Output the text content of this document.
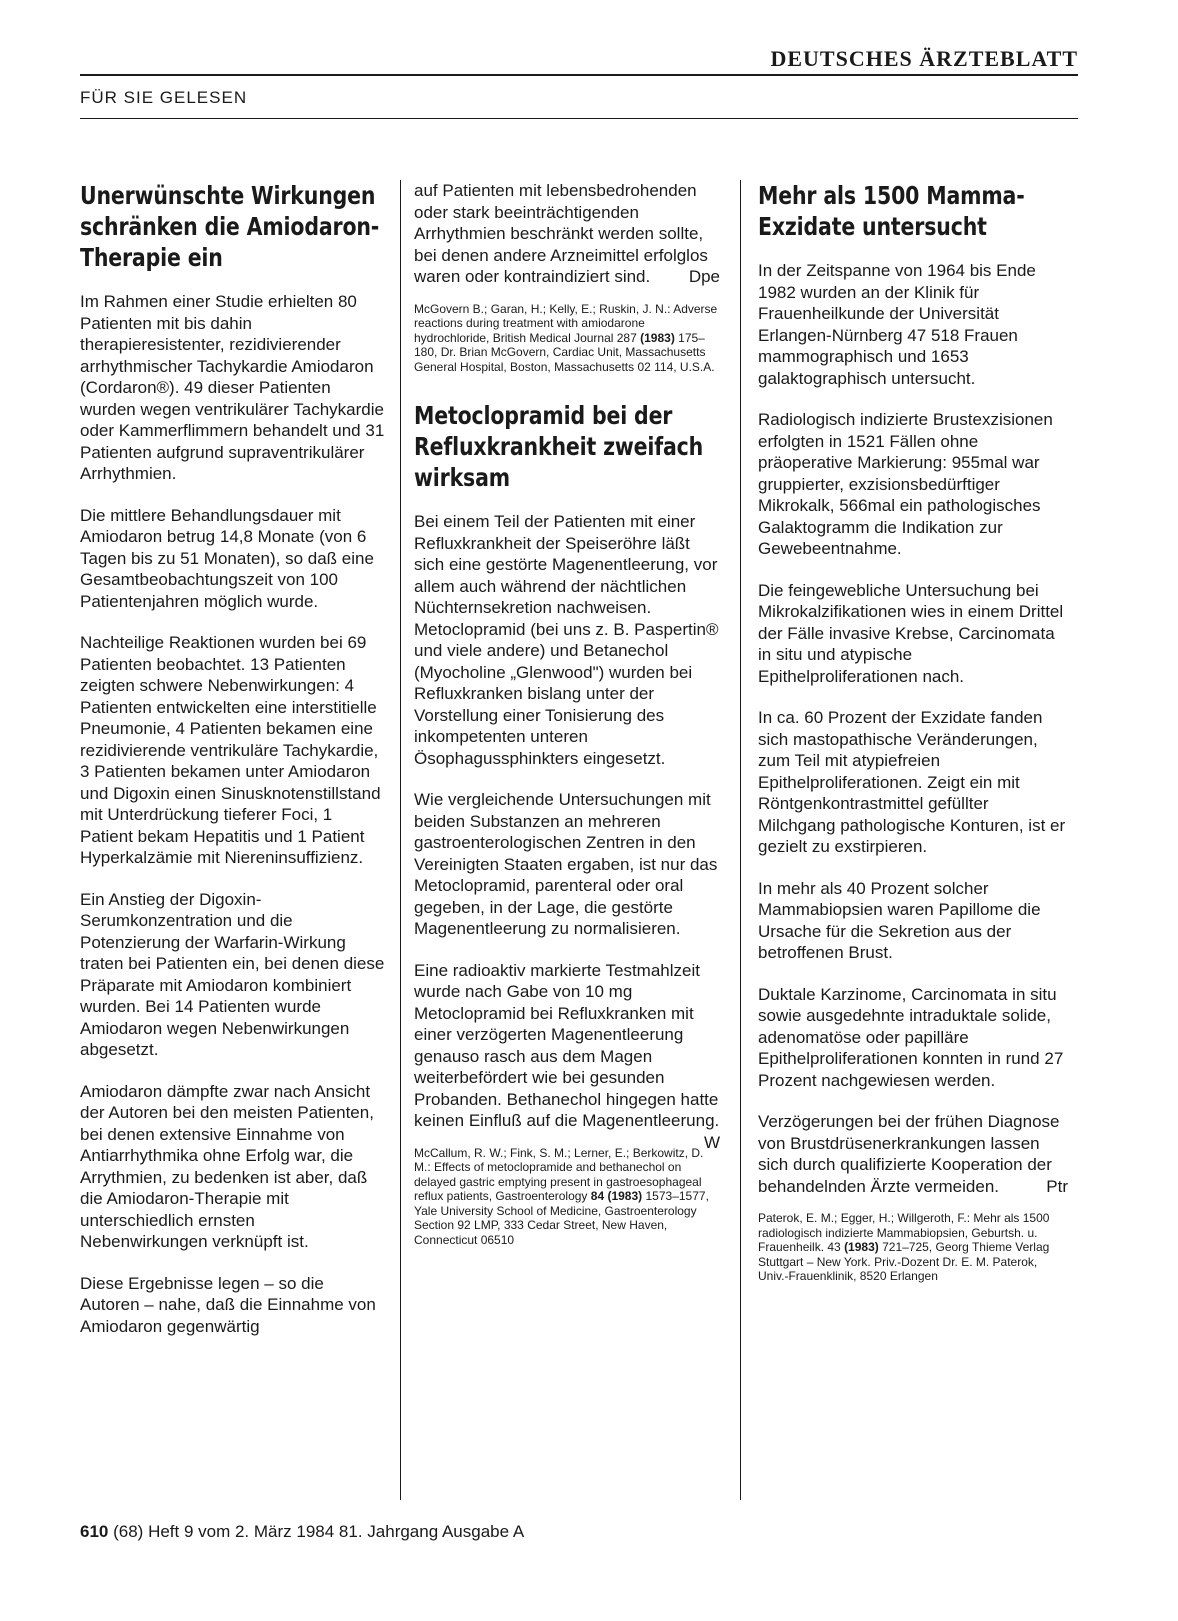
DEUTSCHES ÄRZTEBLATT
FÜR SIE GELESEN
Unerwünschte Wirkungen schränken die Amiodaron-Therapie ein

Im Rahmen einer Studie erhielten 80 Patienten mit bis dahin therapieresistenter, rezidivierender arrhythmischer Tachykardie Amiodaron (Cordaron®). 49 dieser Patienten wurden wegen ventrikulärer Tachykardie oder Kammerflimmern behandelt und 31 Patienten aufgrund supraventrikulärer Arrhythmien.

Die mittlere Behandlungsdauer mit Amiodaron betrug 14,8 Monate (von 6 Tagen bis zu 51 Monaten), so daß eine Gesamtbeobachtungszeit von 100 Patientenjahren möglich wurde.

Nachteilige Reaktionen wurden bei 69 Patienten beobachtet. 13 Patienten zeigten schwere Nebenwirkungen: 4 Patienten entwickelten eine interstitielle Pneumonie, 4 Patienten bekamen eine rezidivierende ventrikuläre Tachykardie, 3 Patienten bekamen unter Amiodaron und Digoxin einen Sinusknotenstillstand mit Unterdrückung tieferer Foci, 1 Patient bekam Hepatitis und 1 Patient Hyperkalzämie mit Niereninsuffizienz.

Ein Anstieg der Digoxin-Serumkonzentration und die Potenzierung der Warfarin-Wirkung traten bei Patienten ein, bei denen diese Präparate mit Amiodaron kombiniert wurden. Bei 14 Patienten wurde Amiodaron wegen Nebenwirkungen abgesetzt.

Amiodaron dämpfte zwar nach Ansicht der Autoren bei den meisten Patienten, bei denen extensive Einnahme von Antiarrhythmika ohne Erfolg war, die Arrythmien, zu bedenken ist aber, daß die Amiodaron-Therapie mit unterschiedlich ernsten Nebenwirkungen verknüpft ist.

Diese Ergebnisse legen – so die Autoren – nahe, daß die Einnahme von Amiodaron gegenwärtig

auf Patienten mit lebensbedrohenden oder stark beeinträchtigenden Arrhythmien beschränkt werden sollte, bei denen andere Arzneimittel erfolglos waren oder kontraindiziert sind. Dpe

McGovern B.; Garan, H.; Kelly, E.; Ruskin, J. N.: Adverse reactions during treatment with amiodarone hydrochloride, British Medical Journal 287 (1983) 175–180, Dr. Brian McGovern, Cardiac Unit, Massachusetts General Hospital, Boston, Massachusetts 02 114, U.S.A.
Metoclopramid bei der Refluxkrankheit zweifach wirksam

Bei einem Teil der Patienten mit einer Refluxkrankheit der Speiseröhre läßt sich eine gestörte Magenentleerung, vor allem auch während der nächtlichen Nüchternsekretion nachweisen. Metoclopramid (bei uns z. B. Paspertin® und viele andere) und Betanechol (Myocholine „Glenwood") wurden bei Refluxkranken bislang unter der Vorstellung einer Tonisierung des inkompetenten unteren Ösophagussphinkters eingesetzt.

Wie vergleichende Untersuchungen mit beiden Substanzen an mehreren gastroenterologischen Zentren in den Vereinigten Staaten ergaben, ist nur das Metoclopramid, parenteral oder oral gegeben, in der Lage, die gestörte Magenentleerung zu normalisieren.

Eine radioaktiv markierte Testmahlzeit wurde nach Gabe von 10 mg Metoclopramid bei Refluxkranken mit einer verzögerten Magenentleerung genauso rasch aus dem Magen weiterbefördert wie bei gesunden Probanden. Bethanechol hingegen hatte keinen Einfluß auf die Magenentleerung.
W

McCallum, R. W.; Fink, S. M.; Lerner, E.; Berkowitz, D. M.: Effects of metoclopramide and bethanechol on delayed gastric emptying present in gastroesophageal reflux patients, Gastroenterology 84 (1983) 1573–1577, Yale University School of Medicine, Gastroenterology Section 92 LMP, 333 Cedar Street, New Haven, Connecticut 06510
Mehr als 1500 Mamma-Exzidate untersucht

In der Zeitspanne von 1964 bis Ende 1982 wurden an der Klinik für Frauenheilkunde der Universität Erlangen-Nürnberg 47 518 Frauen mammographisch und 1653 galaktographisch untersucht.

Radiologisch indizierte Brustexzisionen erfolgten in 1521 Fällen ohne präoperative Markierung: 955mal war gruppierter, exzisionsbedürftiger Mikrokalk, 566mal ein pathologisches Galaktogramm die Indikation zur Gewebeentnahme.

Die feingewebliche Untersuchung bei Mikrokalzifikationen wies in einem Drittel der Fälle invasive Krebse, Carcinomata in situ und atypische Epithelproliferationen nach.

In ca. 60 Prozent der Exzidate fanden sich mastopathische Veränderungen, zum Teil mit atypiefreien Epithelproliferationen. Zeigt ein mit Röntgenkontrastmittel gefüllter Milchgang pathologische Konturen, ist er gezielt zu exstirpieren.

In mehr als 40 Prozent solcher Mammabiopsien waren Papillome die Ursache für die Sekretion aus der betroffenen Brust.

Duktale Karzinome, Carcinomata in situ sowie ausgedehnte intraduktale solide, adenomatöse oder papilläre Epithelproliferationen konnten in rund 27 Prozent nachgewiesen werden.

Verzögerungen bei der frühen Diagnose von Brustdrüsenerkrankungen lassen sich durch qualifizierte Kooperation der behandelnden Ärzte vermeiden.	Ptr

Paterok, E. M.; Egger, H.; Willgeroth, F.: Mehr als 1500 radiologisch indizierte Mammabiopsien, Geburtsh. u. Frauenheilk. 43 (1983) 721–725, Georg Thieme Verlag Stuttgart – New York. Priv.-Dozent Dr. E. M. Paterok, Univ.-Frauenklinik, 8520 Erlangen
610 (68) Heft 9 vom 2. März 1984 81. Jahrgang Ausgabe A
